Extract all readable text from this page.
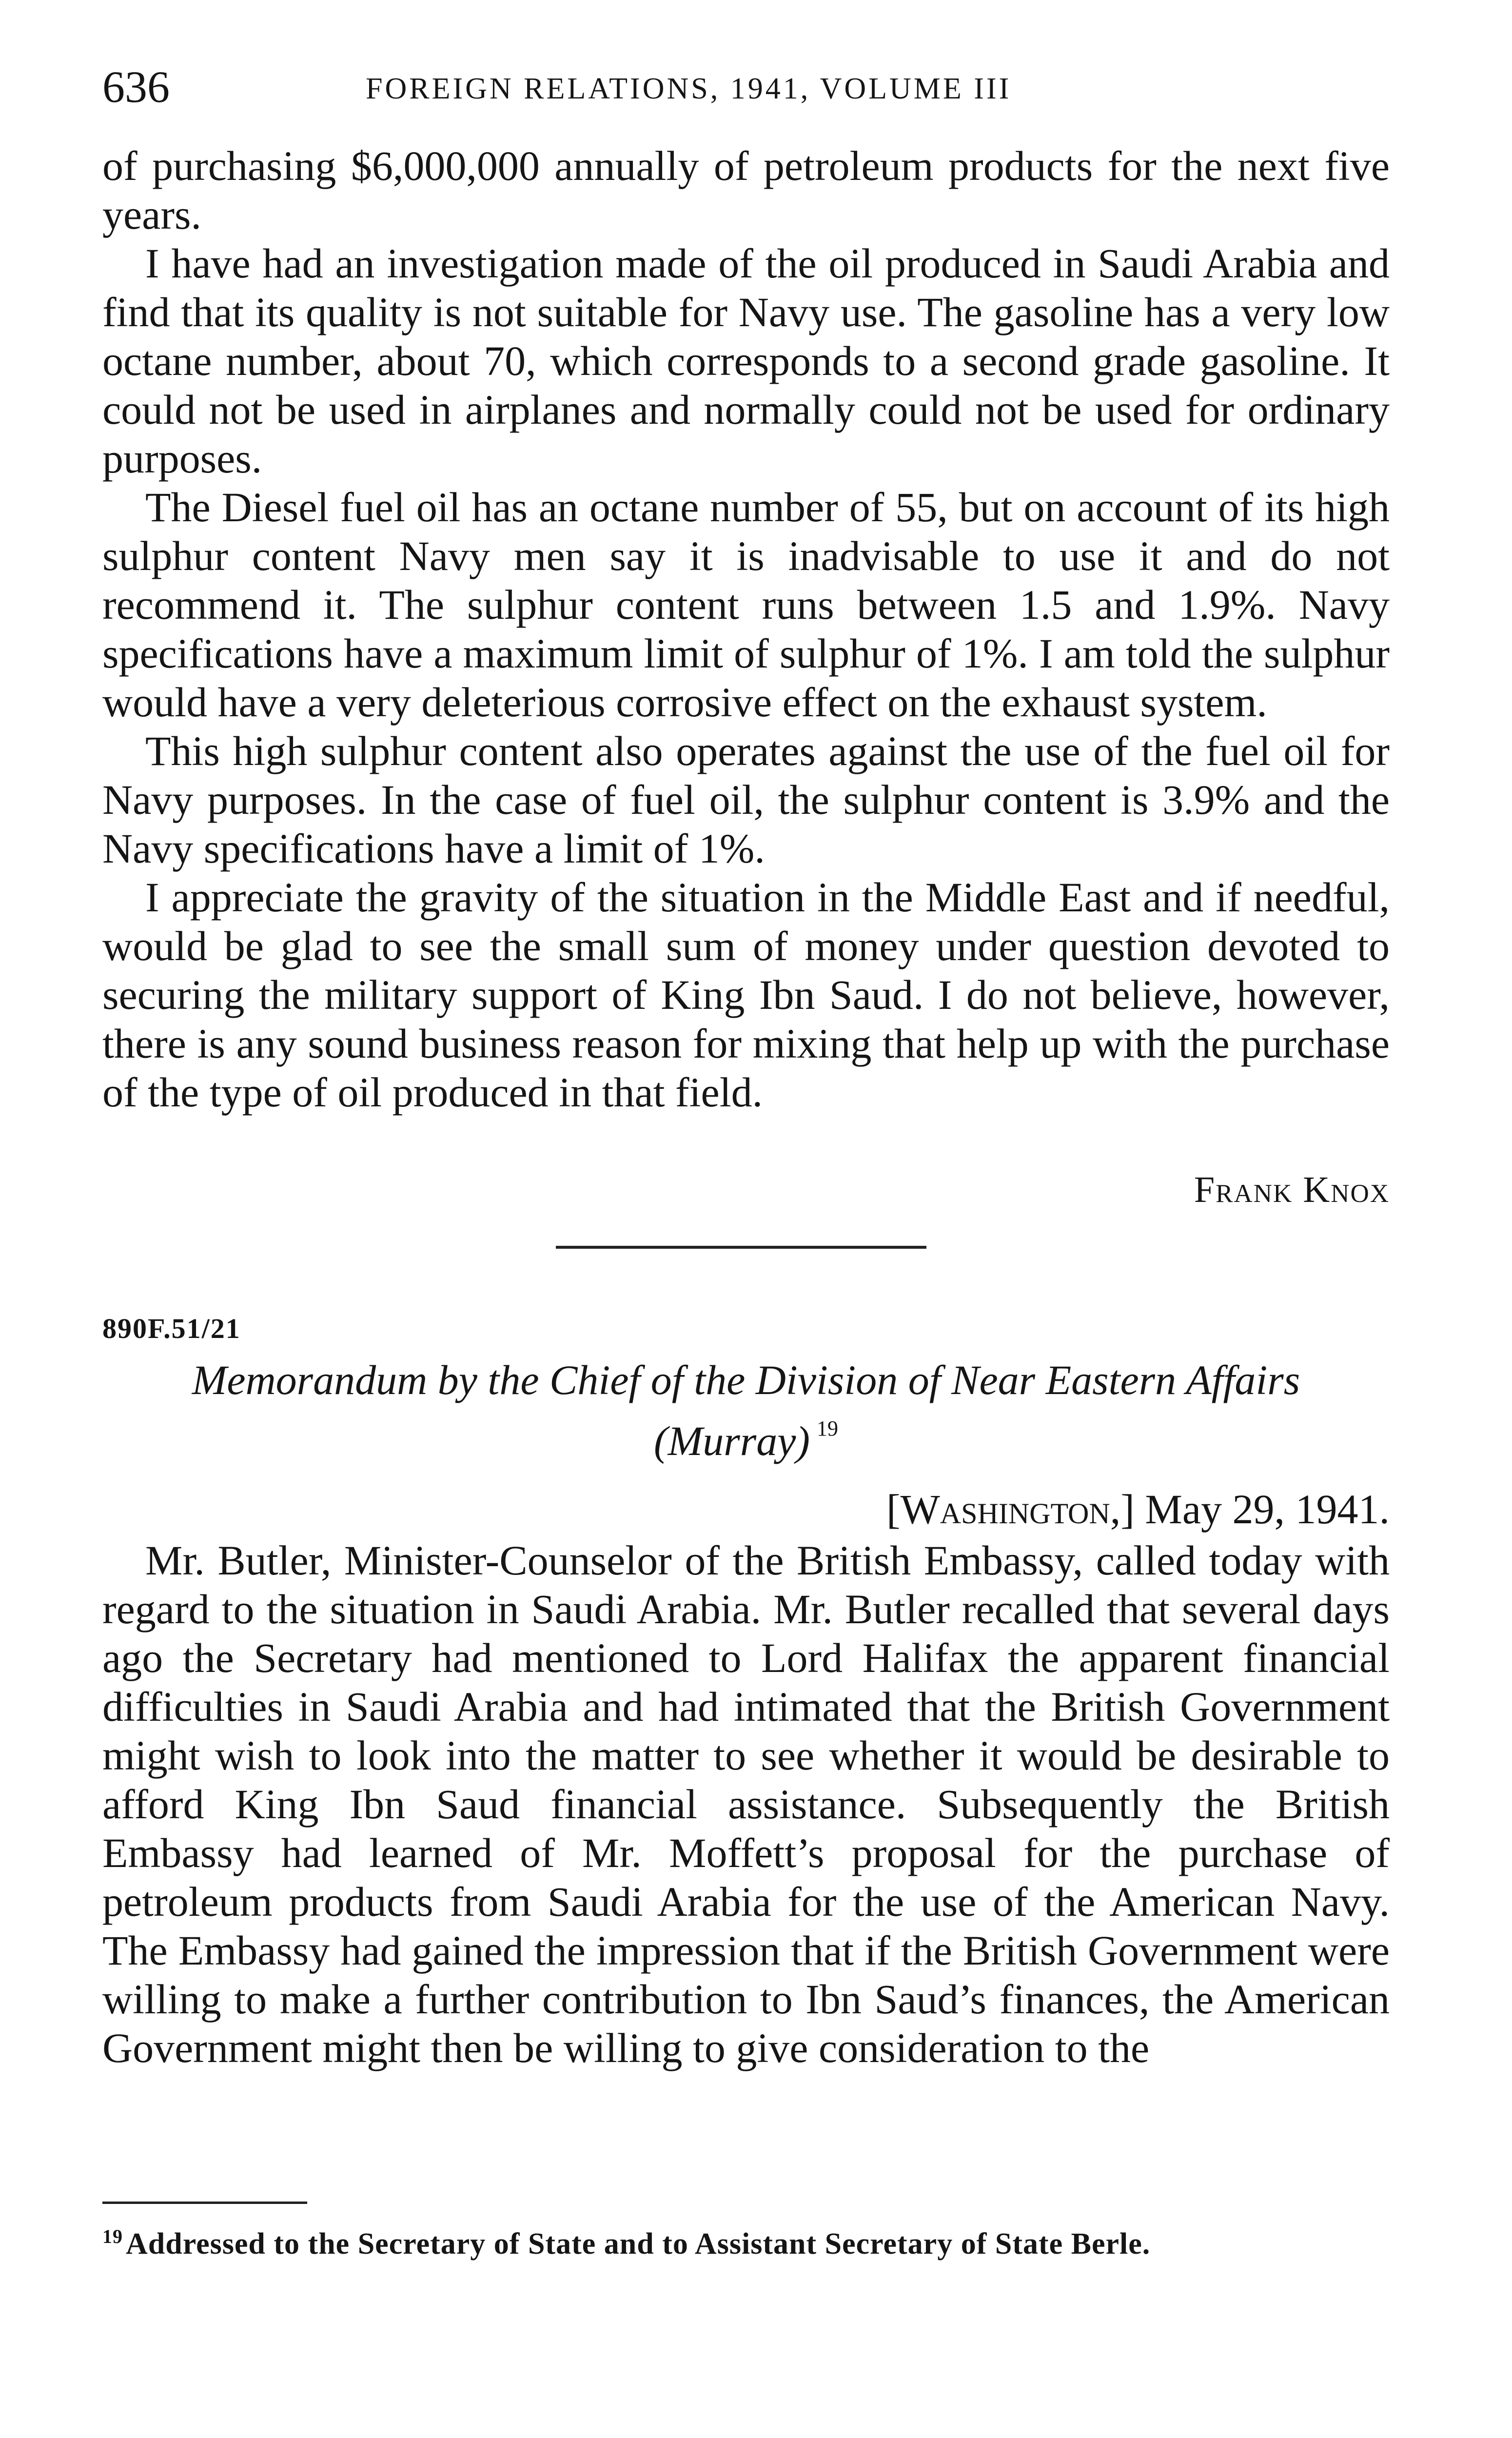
636	FOREIGN RELATIONS, 1941, VOLUME III

of purchasing $6,000,000 annually of petroleum products for the next five years.

I have had an investigation made of the oil produced in Saudi Arabia and find that its quality is not suitable for Navy use. The gasoline has a very low octane number, about 70, which corresponds to a second grade gasoline. It could not be used in airplanes and normally could not be used for ordinary purposes.

The Diesel fuel oil has an octane number of 55, but on account of its high sulphur content Navy men say it is inadvisable to use it and do not recommend it. The sulphur content runs between 1.5 and 1.9%. Navy specifications have a maximum limit of sulphur of 1%. I am told the sulphur would have a very deleterious corrosive effect on the exhaust system.

This high sulphur content also operates against the use of the fuel oil for Navy purposes. In the case of fuel oil, the sulphur content is 3.9% and the Navy specifications have a limit of 1%.

I appreciate the gravity of the situation in the Middle East and if needful, would be glad to see the small sum of money under question devoted to securing the military support of King Ibn Saud. I do not believe, however, there is any sound business reason for mixing that help up with the purchase of the type of oil produced in that field.

Frank Knox
890F.51/21
Memorandum by the Chief of the Division of Near Eastern Affairs (Murray) $^{19}$
[Washington,] May 29, 1941.

Mr. Butler, Minister-Counselor of the British Embassy, called today with regard to the situation in Saudi Arabia. Mr. Butler recalled that several days ago the Secretary had mentioned to Lord Halifax the apparent financial difficulties in Saudi Arabia and had intimated that the British Government might wish to look into the matter to see whether it would be desirable to afford King Ibn Saud financial assistance. Subsequently the British Embassy had learned of Mr. Moffett’s proposal for the purchase of petroleum products from Saudi Arabia for the use of the American Navy. The Embassy had gained the impression that if the British Government were willing to make a further contribution to Ibn Saud’s finances, the American Government might then be willing to give consideration to the

$^{19}$Addressed to the Secretary of State and to Assistant Secretary of State Berle.
